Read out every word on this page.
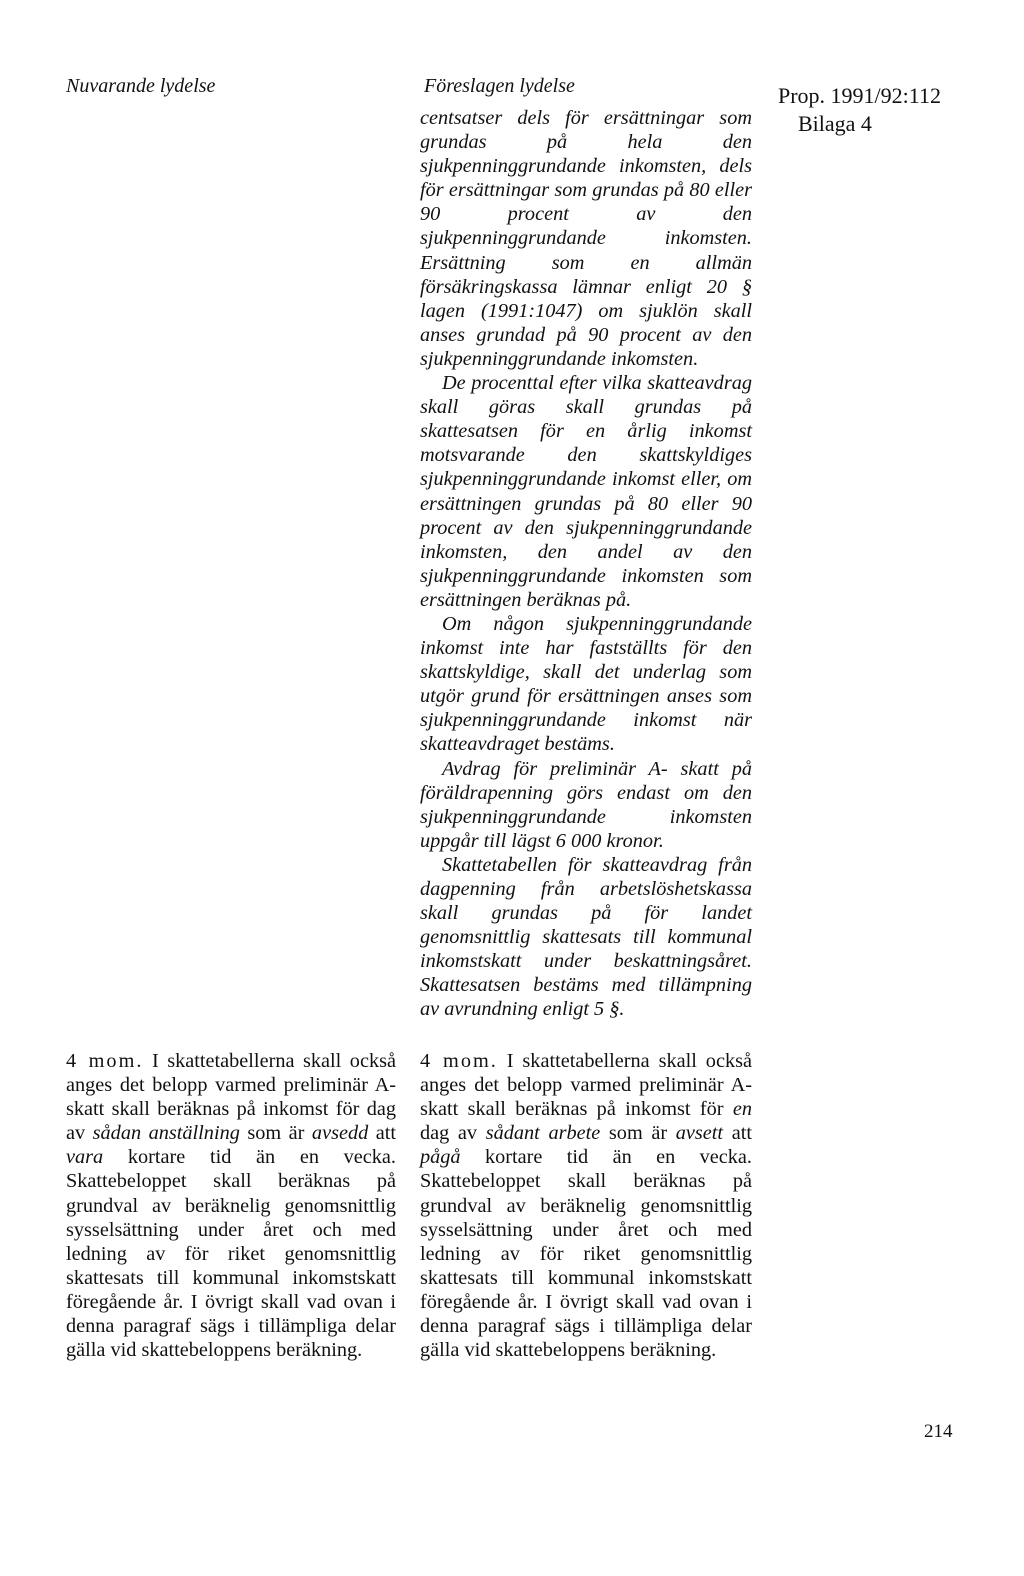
Nuvarande lydelse	Föreslagen lydelse	Prop. 1991/92:112
Bilaga 4

centsatser dels för ersättningar som grundas på hela den sjukpenninggrundande inkomsten, dels för ersättningar som grundas på 80 eller 90 procent av den sjukpenninggrundande inkomsten. Ersättning som en allmän försäkringskassa lämnar enligt 20 § lagen (1991:1047) om sjuklön skall anses grundad på 90 procent av den sjukpenninggrundande inkomsten.

De procenttal efter vilka skatteavdrag skall göras skall grundas på skattesatsen för en årlig inkomst motsvarande den skattskyldiges sjukpenninggrundande inkomst eller, om ersättningen grundas på 80 eller 90 procent av den sjukpenninggrundande inkomsten, den andel av den sjukpenninggrundande inkomsten som ersättningen beräknas på.

Om någon sjukpenninggrundande inkomst inte har fastställts för den skattskyldige, skall det underlag som utgör grund för ersättningen anses som sjukpenninggrundande inkomst när skatteavdraget bestäms.

Avdrag för preliminär A- skatt på föräldrapenning görs endast om den sjukpenninggrundande inkomsten uppgår till lägst 6 000 kronor.

Skattetabellen för skatteavdrag från dagpenning från arbetslöshetskassa skall grundas på för landet genomsnittlig skattesats till kommunal inkomstskatt under beskattningsåret. Skattesatsen bestäms med tillämpning av avrundning enligt 5 §.

4 mom. I skattetabellerna skall också anges det belopp varmed preliminär A-skatt skall beräknas på inkomst för dag av sådan anställning som är avsedd att vara kortare tid än en vecka. Skattebeloppet skall beräknas på grundval av beräknelig genomsnittlig sysselsättning under året och med ledning av för riket genomsnittlig skattesats till kommunal inkomstskatt föregående år. I övrigt skall vad ovan i denna paragraf sägs i tillämpliga delar gälla vid skattebeloppens beräkning.

4 mom. I skattetabellerna skall också anges det belopp varmed preliminär A-skatt skall beräknas på inkomst för en dag av sådant arbete som är avsett att pågå kortare tid än en vecka. Skattebeloppet skall beräknas på grundval av beräknelig genomsnittlig sysselsättning under året och med ledning av för riket genomsnittlig skattesats till kommunal inkomstskatt föregående år. I övrigt skall vad ovan i denna paragraf sägs i tillämpliga delar gälla vid skattebeloppens beräkning.

214
